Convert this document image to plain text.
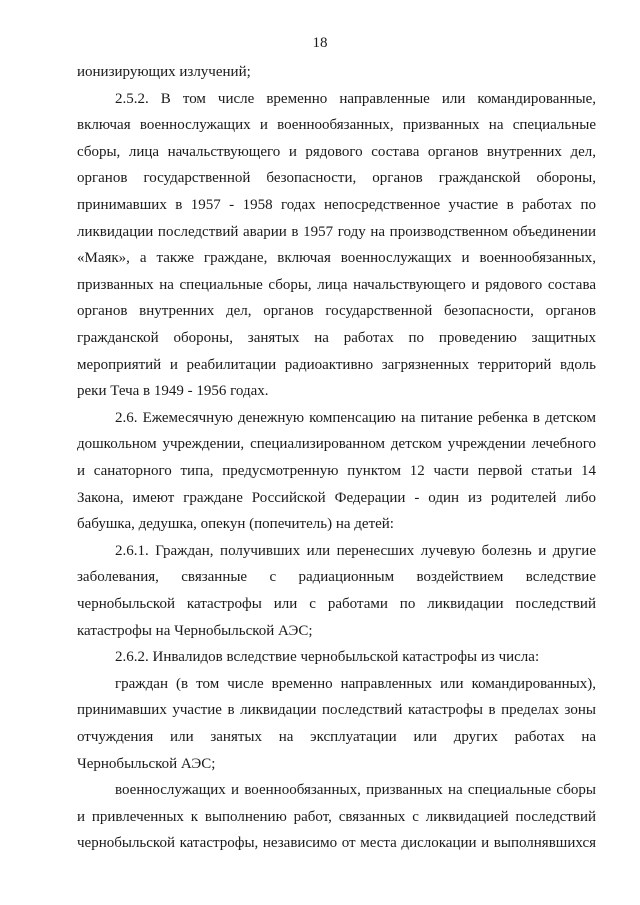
18
ионизирующих излучений;
2.5.2. В том числе временно направленные или командированные,
включая военнослужащих и военнообязанных, призванных на специальные
сборы, лица начальствующего и рядового состава органов внутренних дел,
органов государственной безопасности, органов гражданской обороны,
принимавших в 1957 - 1958 годах непосредственное участие в работах по
ликвидации последствий аварии в 1957 году на производственном объединении
«Маяк», а также граждане, включая военнослужащих и военнообязанных,
призванных на специальные сборы, лица начальствующего и рядового состава
органов внутренних дел, органов государственной безопасности, органов
гражданской обороны, занятых на работах по проведению защитных
мероприятий и реабилитации радиоактивно загрязненных территорий вдоль
реки Теча в 1949 - 1956 годах.
2.6. Ежемесячную денежную компенсацию на питание ребенка в детском
дошкольном учреждении, специализированном детском учреждении лечебного
и санаторного типа, предусмотренную пунктом 12 части первой статьи 14
Закона, имеют граждане Российской Федерации - один из родителей либо
бабушка, дедушка, опекун (попечитель) на детей:
2.6.1. Граждан, получивших или перенесших лучевую болезнь и другие
заболевания, связанные с радиационным воздействием вследствие
чернобыльской катастрофы или с работами по ликвидации последствий
катастрофы на Чернобыльской АЭС;
2.6.2. Инвалидов вследствие чернобыльской катастрофы из числа:
граждан (в том числе временно направленных или командированных),
принимавших участие в ликвидации последствий катастрофы в пределах зоны
отчуждения или занятых на эксплуатации или других работах на
Чернобыльской АЭС;
военнослужащих и военнообязанных, призванных на специальные сборы
и привлеченных к выполнению работ, связанных с ликвидацией последствий
чернобыльской катастрофы, независимо от места дислокации и выполнявшихся
